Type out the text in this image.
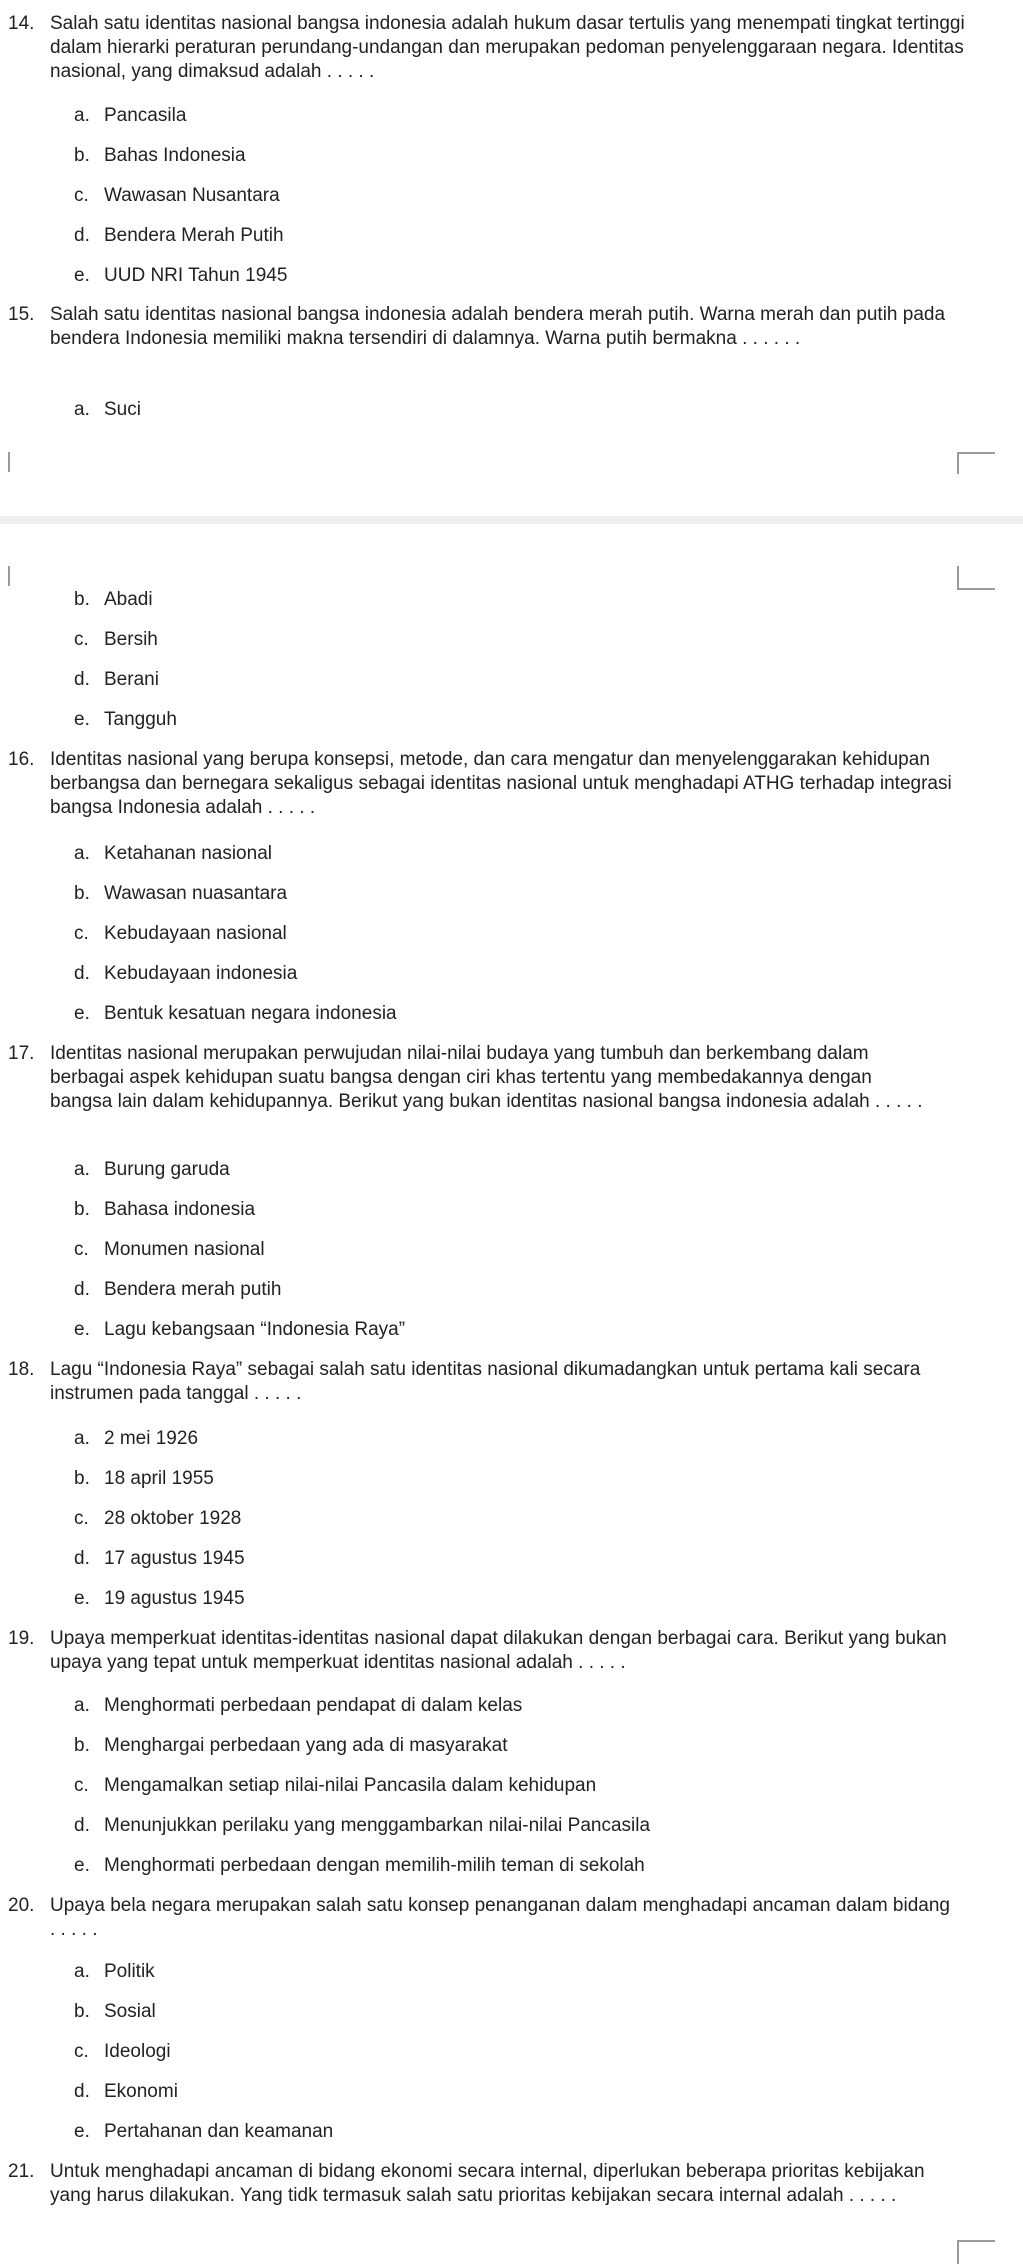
14. Salah satu identitas nasional bangsa indonesia adalah hukum dasar tertulis yang menempati tingkat tertinggi dalam hierarki peraturan perundang-undangan dan merupakan pedoman penyelenggaraan negara. Identitas nasional, yang dimaksud adalah . . . . .

a. Pancasila
b. Bahas Indonesia
c. Wawasan Nusantara
d. Bendera Merah Putih
e. UUD NRI Tahun 1945
15. Salah satu identitas nasional bangsa indonesia adalah bendera merah putih. Warna merah dan putih pada bendera Indonesia memiliki makna tersendiri di dalamnya. Warna putih bermakna . . . . . .

a. Suci
b. Abadi
c. Bersih
d. Berani
e. Tangguh
16. Identitas nasional yang berupa konsepsi, metode, dan cara mengatur dan menyelenggarakan kehidupan berbangsa dan bernegara sekaligus sebagai identitas nasional untuk menghadapi ATHG terhadap integrasi bangsa Indonesia adalah . . . . .

a. Ketahanan nasional
b. Wawasan nuasantara
c. Kebudayaan nasional
d. Kebudayaan indonesia
e. Bentuk kesatuan negara indonesia
17. Identitas nasional merupakan perwujudan nilai-nilai budaya yang tumbuh dan berkembang dalam berbagai aspek kehidupan suatu bangsa dengan ciri khas tertentu yang membedakannya dengan bangsa lain dalam kehidupannya. Berikut yang bukan identitas nasional bangsa indonesia adalah . . . . .

a. Burung garuda
b. Bahasa indonesia
c. Monumen nasional
d. Bendera merah putih
e. Lagu kebangsaan “Indonesia Raya”
18. Lagu “Indonesia Raya” sebagai salah satu identitas nasional dikumadangkan untuk pertama kali secara instrumen pada tanggal . . . . .

a. 2 mei 1926
b. 18 april 1955
c. 28 oktober 1928
d. 17 agustus 1945
e. 19 agustus 1945
19. Upaya memperkuat identitas-identitas nasional dapat dilakukan dengan berbagai cara. Berikut yang bukan upaya yang tepat untuk memperkuat identitas nasional adalah . . . . .

a. Menghormati perbedaan pendapat di dalam kelas
b. Menghargai perbedaan yang ada di masyarakat
c. Mengamalkan setiap nilai-nilai Pancasila dalam kehidupan
d. Menunjukkan perilaku yang menggambarkan nilai-nilai Pancasila
e. Menghormati perbedaan dengan memilih-milih teman di sekolah
20. Upaya bela negara merupakan salah satu konsep penanganan dalam menghadapi ancaman dalam bidang . . . . .

a. Politik
b. Sosial
c. Ideologi
d. Ekonomi
e. Pertahanan dan keamanan
21. Untuk menghadapi ancaman di bidang ekonomi secara internal, diperlukan beberapa prioritas kebijakan yang harus dilakukan. Yang tidk termasuk salah satu prioritas kebijakan secara internal adalah . . . . .
